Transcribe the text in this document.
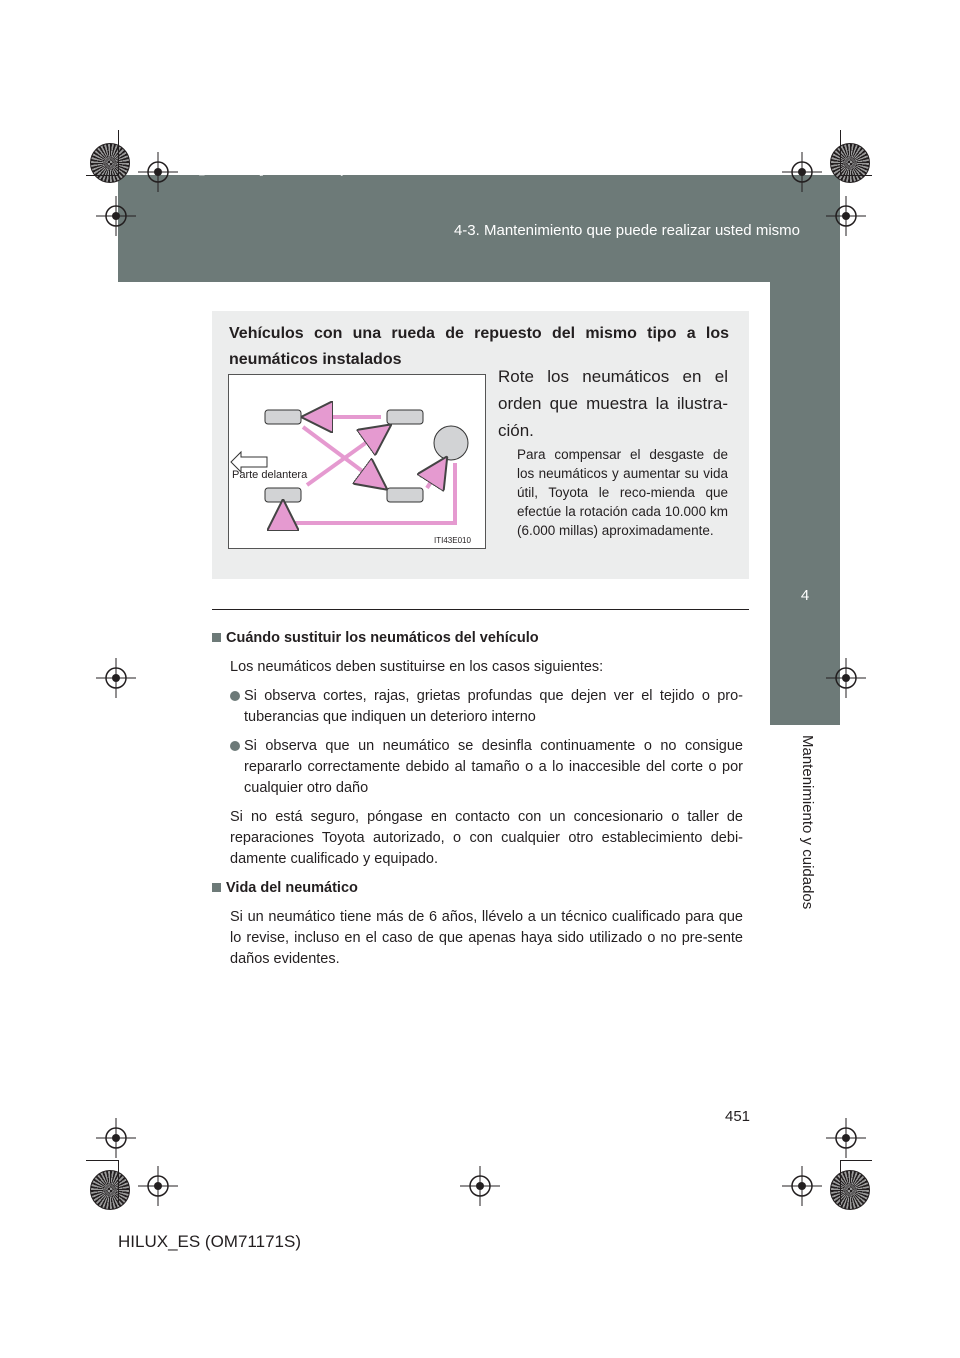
4-3. Mantenimiento que puede realizar usted mismo
HILUX_ES.book Page 451 Wednesday, March 23, 2011 4:15 PM
4
Mantenimiento y cuidados
Vehículos con una rueda de repuesto del mismo tipo a los neumáticos instalados
Parte delantera
ITI43E010
Rote los neumáticos en el orden que muestra la ilustra-ción.
Para compensar el desgaste de los neumáticos y aumentar su vida útil, Toyota le reco-mienda que efectúe la rotación cada 10.000 km (6.000 millas) aproximadamente.
Cuándo sustituir los neumáticos del vehículo
Los neumáticos deben sustituirse en los casos siguientes:
Si observa cortes, rajas, grietas profundas que dejen ver el tejido o pro-tuberancias que indiquen un deterioro interno
Si observa que un neumático se desinfla continuamente o no consigue repararlo correctamente debido al tamaño o a lo inaccesible del corte o por cualquier otro daño
Si no está seguro, póngase en contacto con un concesionario o taller de reparaciones Toyota autorizado, o con cualquier otro establecimiento debi-damente cualificado y equipado.
Vida del neumático
Si un neumático tiene más de 6 años, llévelo a un técnico cualificado para que lo revise, incluso en el caso de que apenas haya sido utilizado o no pre-sente daños evidentes.
451
HILUX_ES (OM71171S)
